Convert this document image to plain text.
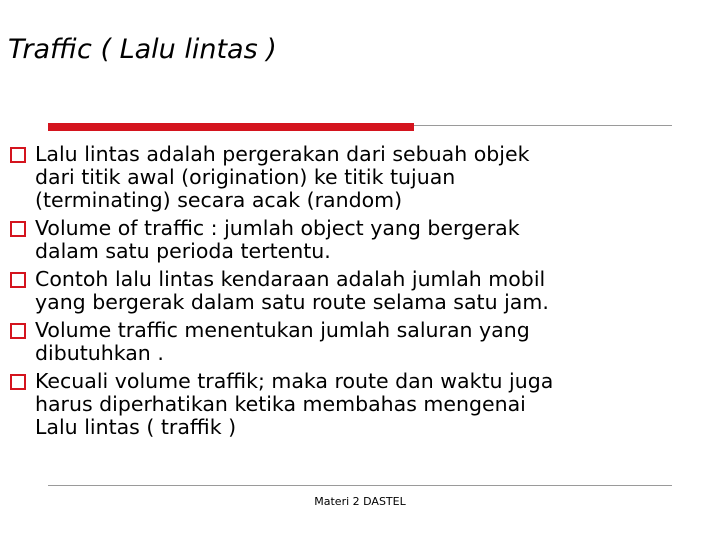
Traffic ( Lalu lintas )
Lalu lintas adalah pergerakan dari sebuah objek
dari titik awal (origination) ke titik tujuan
(terminating) secara acak (random)
Volume of traffic : jumlah object yang bergerak
dalam satu perioda tertentu.
Contoh lalu lintas kendaraan adalah jumlah mobil
yang bergerak dalam satu route selama satu jam.
Volume traffic menentukan jumlah saluran yang
dibutuhkan .
Kecuali volume traffik; maka route dan waktu juga
harus diperhatikan ketika membahas mengenai
Lalu lintas ( traffik )
Materi 2 DASTEL
